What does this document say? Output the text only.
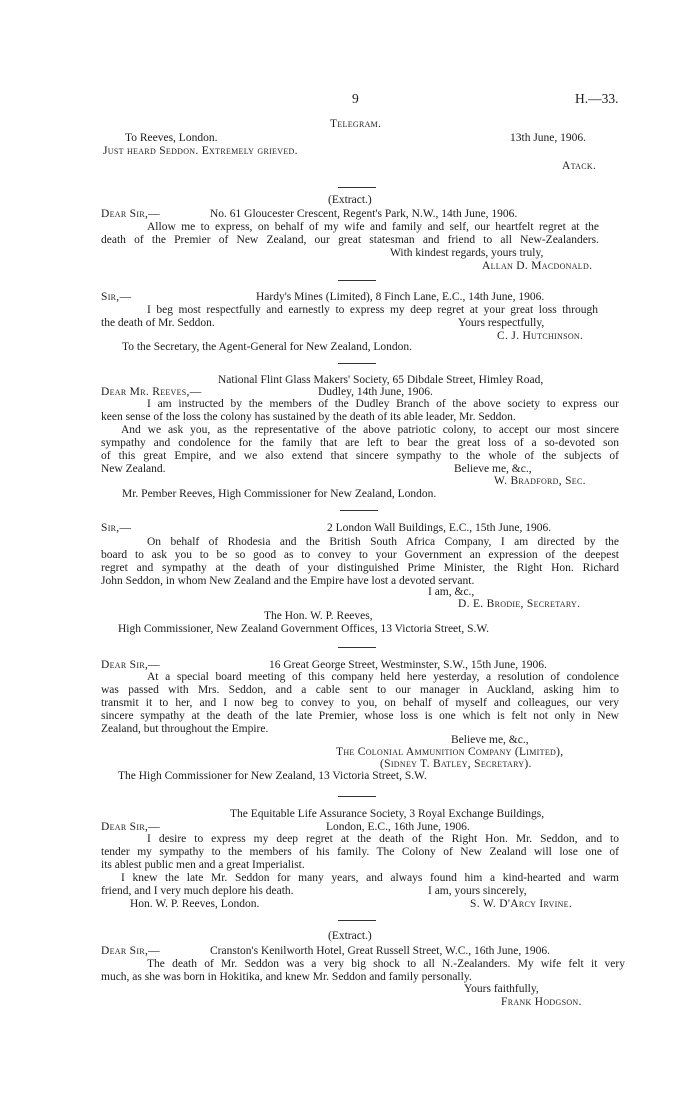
9	H.—33.
Telegram.
To Reeves, London.	13th June, 1906.
Just heard Seddon. Extremely grieved.
Atack.
(Extract.)
Dear Sir,—	No. 61 Gloucester Crescent, Regent's Park, N.W., 14th June, 1906.
Allow me to express, on behalf of my wife and family and self, our heartfelt regret at the
death of the Premier of New Zealand, our great statesman and friend to all New-Zealanders.
With kindest regards, yours truly,
Allan D. Macdonald.
Sir,—	Hardy's Mines (Limited), 8 Finch Lane, E.C., 14th June, 1906.
I beg most respectfully and earnestly to express my deep regret at your great loss through
the death of Mr. Seddon.	Yours respectfully,
C. J. Hutchinson.
To the Secretary, the Agent-General for New Zealand, London.
National Flint Glass Makers' Society, 65 Dibdale Street, Himley Road,
Dear Mr. Reeves,—	Dudley, 14th June, 1906.
I am instructed by the members of the Dudley Branch of the above society to express our
keen sense of the loss the colony has sustained by the death of its able leader, Mr. Seddon.
And we ask you, as the representative of the above patriotic colony, to accept our most sincere
sympathy and condolence for the family that are left to bear the great loss of a so-devoted son
of this great Empire, and we also extend that sincere sympathy to the whole of the subjects of
New Zealand.	Believe me, &c.,
W. Bradford, Sec.
Mr. Pember Reeves, High Commissioner for New Zealand, London.
Sir,—	2 London Wall Buildings, E.C., 15th June, 1906.
On behalf of Rhodesia and the British South Africa Company, I am directed by the
board to ask you to be so good as to convey to your Government an expression of the deepest
regret and sympathy at the death of your distinguished Prime Minister, the Right Hon. Richard
John Seddon, in whom New Zealand and the Empire have lost a devoted servant.
I am, &c.,
D. E. Brodie, Secretary.
The Hon. W. P. Reeves,
High Commissioner, New Zealand Government Offices, 13 Victoria Street, S.W.
Dear Sir,—	16 Great George Street, Westminster, S.W., 15th June, 1906.
At a special board meeting of this company held here yesterday, a resolution of condolence
was passed with Mrs. Seddon, and a cable sent to our manager in Auckland, asking him to
transmit it to her, and I now beg to convey to you, on behalf of myself and colleagues, our very
sincere sympathy at the death of the late Premier, whose loss is one which is felt not only in New
Zealand, but throughout the Empire.
Believe me, &c.,
The Colonial Ammunition Company (Limited),
(Sidney T. Batley, Secretary).
The High Commissioner for New Zealand, 13 Victoria Street, S.W.
The Equitable Life Assurance Society, 3 Royal Exchange Buildings,
Dear Sir,—	London, E.C., 16th June, 1906.
I desire to express my deep regret at the death of the Right Hon. Mr. Seddon, and to
tender my sympathy to the members of his family. The Colony of New Zealand will lose one of
its ablest public men and a great Imperialist.
I knew the late Mr. Seddon for many years, and always found him a kind-hearted and warm
friend, and I very much deplore his death.	I am, yours sincerely,
Hon. W. P. Reeves, London.	S. W. D'Arcy Irvine.
(Extract.)
Dear Sir,—	Cranston's Kenilworth Hotel, Great Russell Street, W.C., 16th June, 1906.
The death of Mr. Seddon was a very big shock to all N.-Zealanders. My wife felt it very
much, as she was born in Hokitika, and knew Mr. Seddon and family personally.
Yours faithfully,
Frank Hodgson.
